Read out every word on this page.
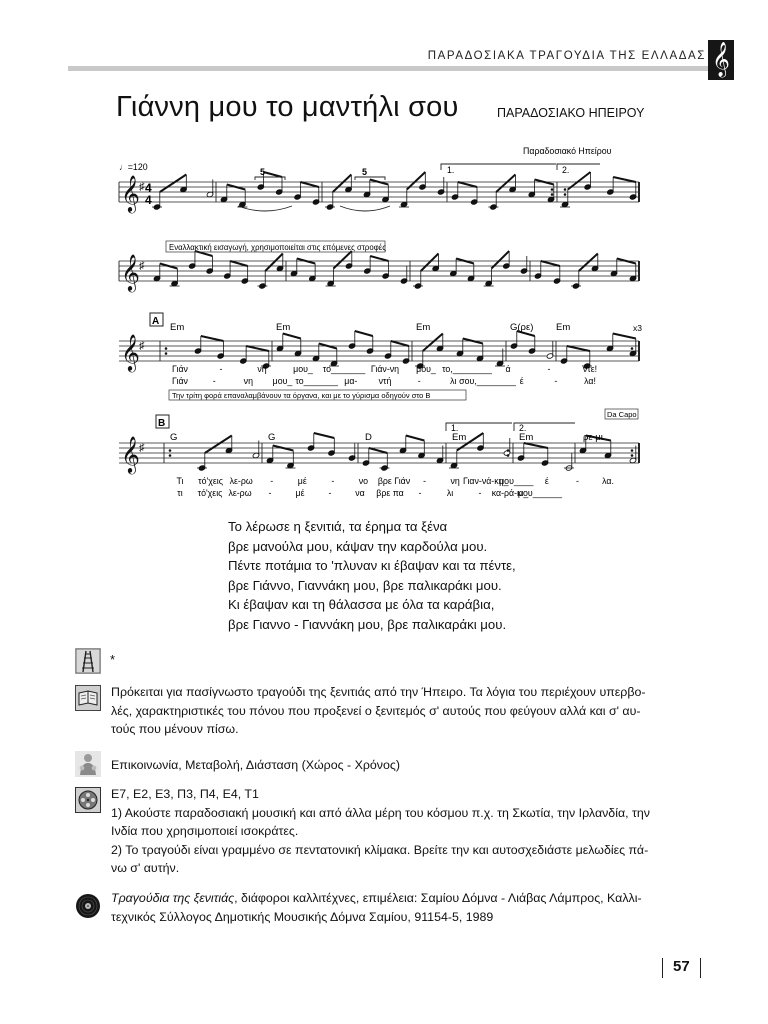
ΠΑΡΑΔΟΣΙΑΚΑ ΤΡΑΓΟΥΔΙΑ ΤΗΣ ΕΛΛΑΔΑΣ 𝄞
Γιάννη μου το μαντήλι σου	ΠΑΡΑΔΟΣΙΑΚΟ ΗΠΕΙΡΟΥ
𝄞 ♯
𝄞 ♯
𝄞 ♯
𝄞 ♯
Παραδοσιακό Ηπείρου
♩=120
4
4
5	5	1.	2.
Εναλλακτική εισαγωγή, χρησιμοποιείται στις επόμενες στροφές
A
x3
Την τρίτη φορά επαναλαμβάνουν τα όργανα, και με το γύρισμα οδηγούν στο B
B
Da Capo
1.	2.
Em	Em	Em	G(ρε) Em
G	G	D	Em	Em	ρε μι
Γιάν	-	νη	μου_ το_______ Γιάν-νη μου_ το,________ ά	-	ντε!
Γιάν	-	νη μου_ το_______ μα- ντή	-	λι σου,________ έ	-	λα!
Τι τό'χεις λε-ρω -	μέ	-	νο βρε Γιάν -	νη Γιαν-νά-κη_
μου____ έ	-	λα.
τι τό'χεις λε-ρω -	μέ	-	να βρε πα -	λι	- κα-ρά-κι_
μου______
Το λέρωσε η ξενιτιά, τα έρημα τα ξένα
βρε μανούλα μου, κάψαν την καρδούλα μου.
Πέντε ποτάμια το 'πλυναν κι έβαψαν και τα πέντε,
βρε Γιάννο, Γιαννάκη μου, βρε παλικαράκι μου.
Κι έβαψαν και τη θάλασσα με όλα τα καράβια,
βρε Γιαννο - Γιαννάκη μου, βρε παλικαράκι μου.
*
Πρόκειται για πασίγνωστο τραγούδι της ξενιτιάς από την Ήπειρο. Τα λόγια του περιέχουν υπερβο-
λές, χαρακτηριστικές του πόνου που προξενεί ο ξενιτεμός σ' αυτούς που φεύγουν αλλά και σ' αυ-
τούς που μένουν πίσω.
Επικοινωνία, Μεταβολή, Διάσταση (Χώρος - Χρόνος)
Ε7, Ε2, Ε3, Π3, Π4, Ε4, Τ1
1) Ακούστε παραδοσιακή μουσική και από άλλα μέρη του κόσμου π.χ. τη Σκωτία, την Ιρλανδία, την
Ινδία που χρησιμοποιεί ισοκράτες.
2) Το τραγούδι είναι γραμμένο σε πεντατονική κλίμακα. Βρείτε την και αυτοσχεδιάστε μελωδίες πά-
νω σ' αυτήν.
Τραγούδια της ξενιτιάς, διάφοροι καλλιτέχνες, επιμέλεια: Σαμίου Δόμνα - Λιάβας Λάμπρος, Καλλι-
τεχνικός Σύλλογος Δημοτικής Μουσικής Δόμνα Σαμίου, 91154-5, 1989
57
